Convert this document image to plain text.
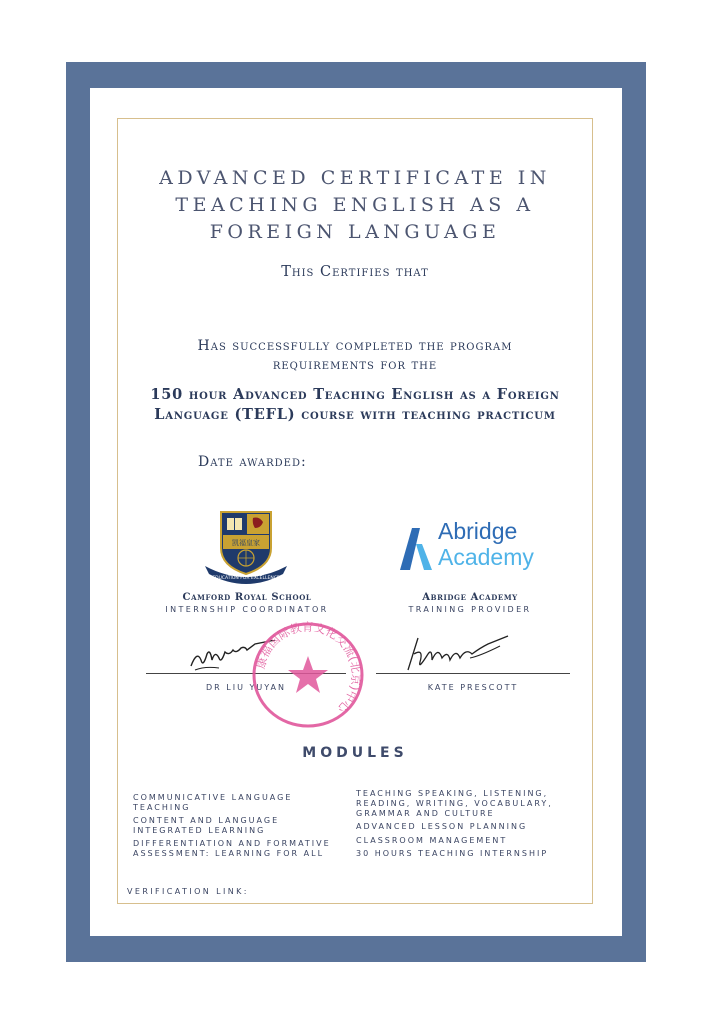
ADVANCED CERTIFICATE IN TEACHING ENGLISH AS A FOREIGN LANGUAGE
This Certifies that
Has successfully completed the program requirements for the
150 hour Advanced Teaching English as a Foreign Language (TEFL) course with teaching practicum
Date awarded:
凯福皇家
EDUCATION FOR EXCELLENCE
Abridge
Academy
Camford Royal School
INTERNSHIP COORDINATOR
Abridge Academy
TRAINING PROVIDER
DR LIU YUYAN	KATE PRESCOTT
康福国际教育文化交流(北京)中心
MODULES
COMMUNICATIVE LANGUAGE TEACHING
CONTENT AND LANGUAGE INTEGRATED LEARNING
DIFFERENTIATION AND FORMATIVE ASSESSMENT: LEARNING FOR ALL
TEACHING SPEAKING, LISTENING, READING, WRITING, VOCABULARY, GRAMMAR AND CULTURE
ADVANCED LESSON PLANNING
CLASSROOM MANAGEMENT
30 HOURS TEACHING INTERNSHIP
VERIFICATION LINK:
